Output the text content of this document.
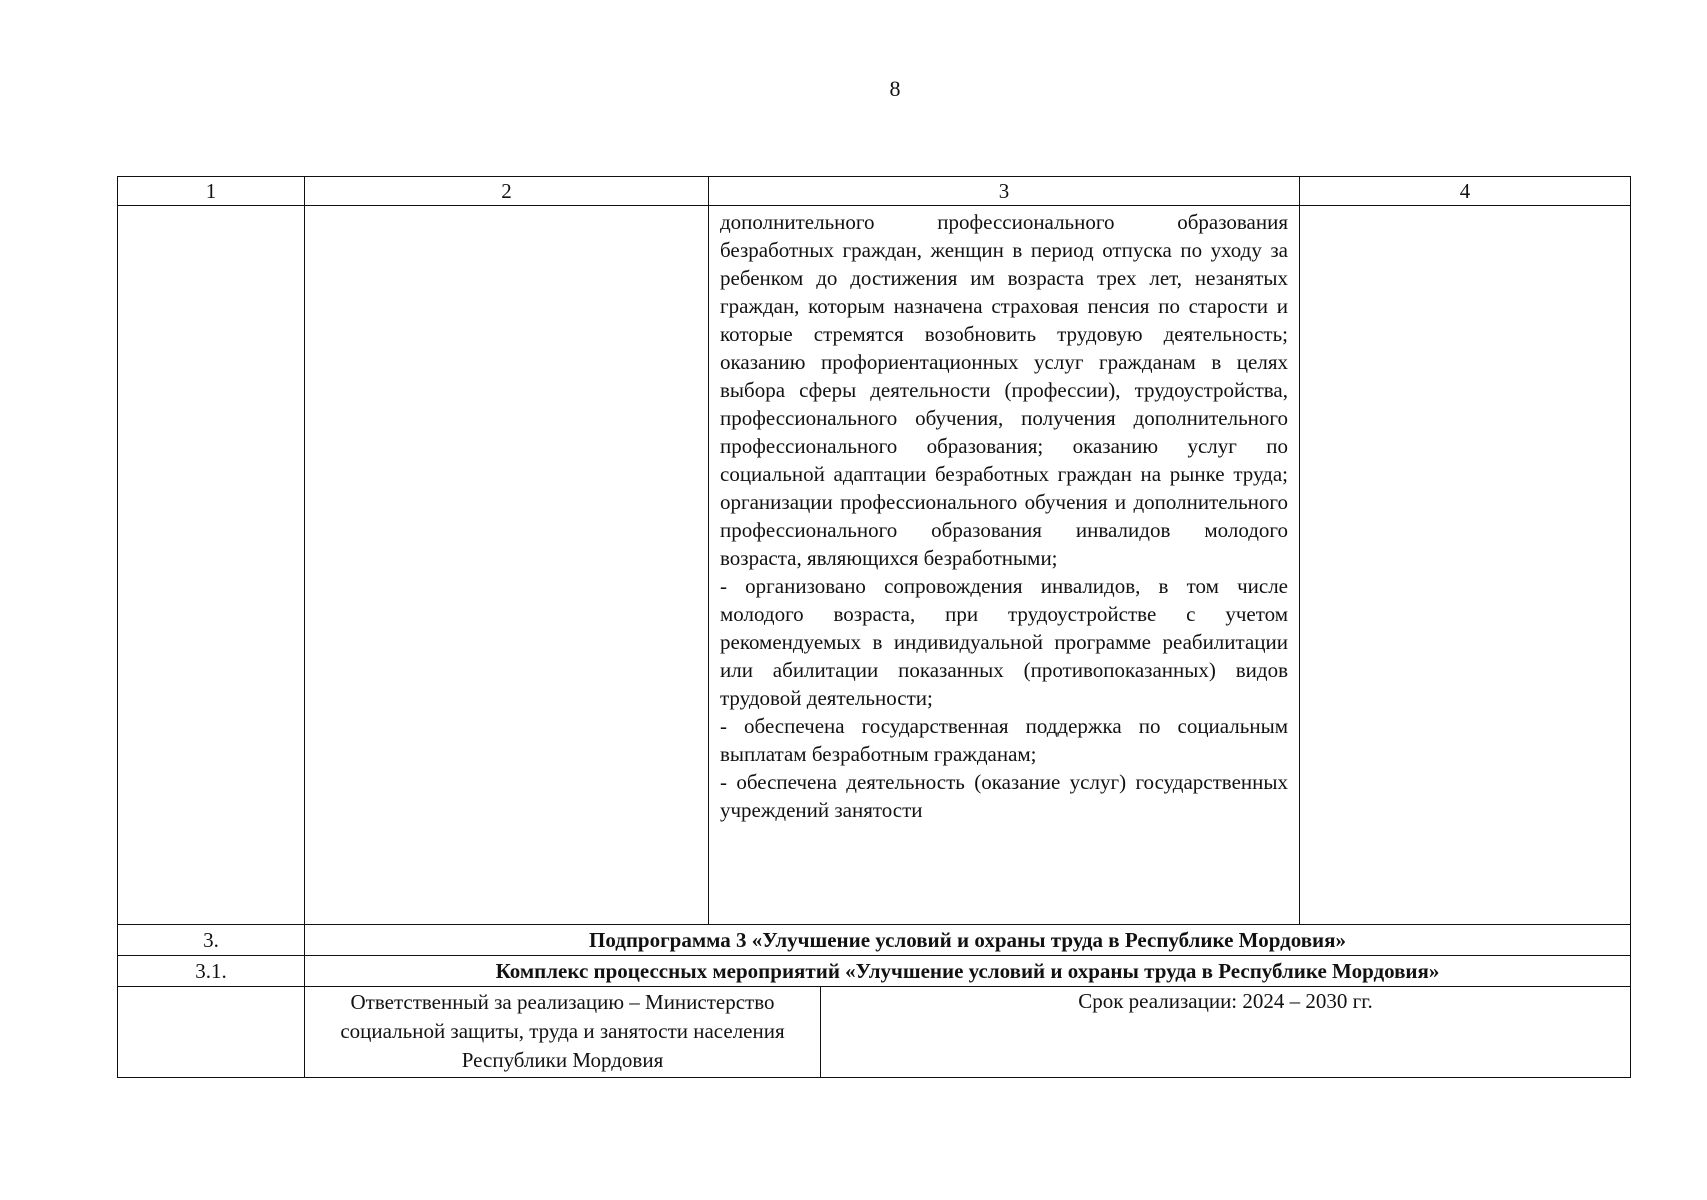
8
1	2	3		4

		дополнительного профессионального образования безработных граждан, женщин в период отпуска по уходу за ребенком до достижения им возраста трех лет, незанятых граждан, которым назначена страховая пенсия по старости и которые стремятся возобновить трудовую деятельность; оказанию профориентационных услуг гражданам в целях выбора сферы деятельности (профессии), трудоустройства, профессионального обучения, получения дополнительного профессионального образования; оказанию услуг по социальной адаптации безработных граждан на рынке труда; организации профессионального обучения и дополнительного профессионального образования инвалидов молодого возраста, являющихся безработными;

- организовано сопровождения инвалидов, в том числе молодого возраста, при трудоустройстве с учетом рекомендуемых в индивидуальной программе реабилитации или абилитации показанных (противопоказанных) видов трудовой деятельности;

- обеспечена государственная поддержка по социальным выплатам безработным гражданам;

- обеспечена деятельность (оказание услуг) государственных учреждений занятости		

3.	Подпрограмма 3 «Улучшение условий и охраны труда в Республике Мордовия»			
3.1.	Комплекс процессных мероприятий «Улучшение условий и охраны труда в Республике Мордовия»			
	Ответственный за реализацию – Министерство социальной защиты, труда и занятости населения Республики Мордовия		Срок реализации: 2024 – 2030 гг.	
